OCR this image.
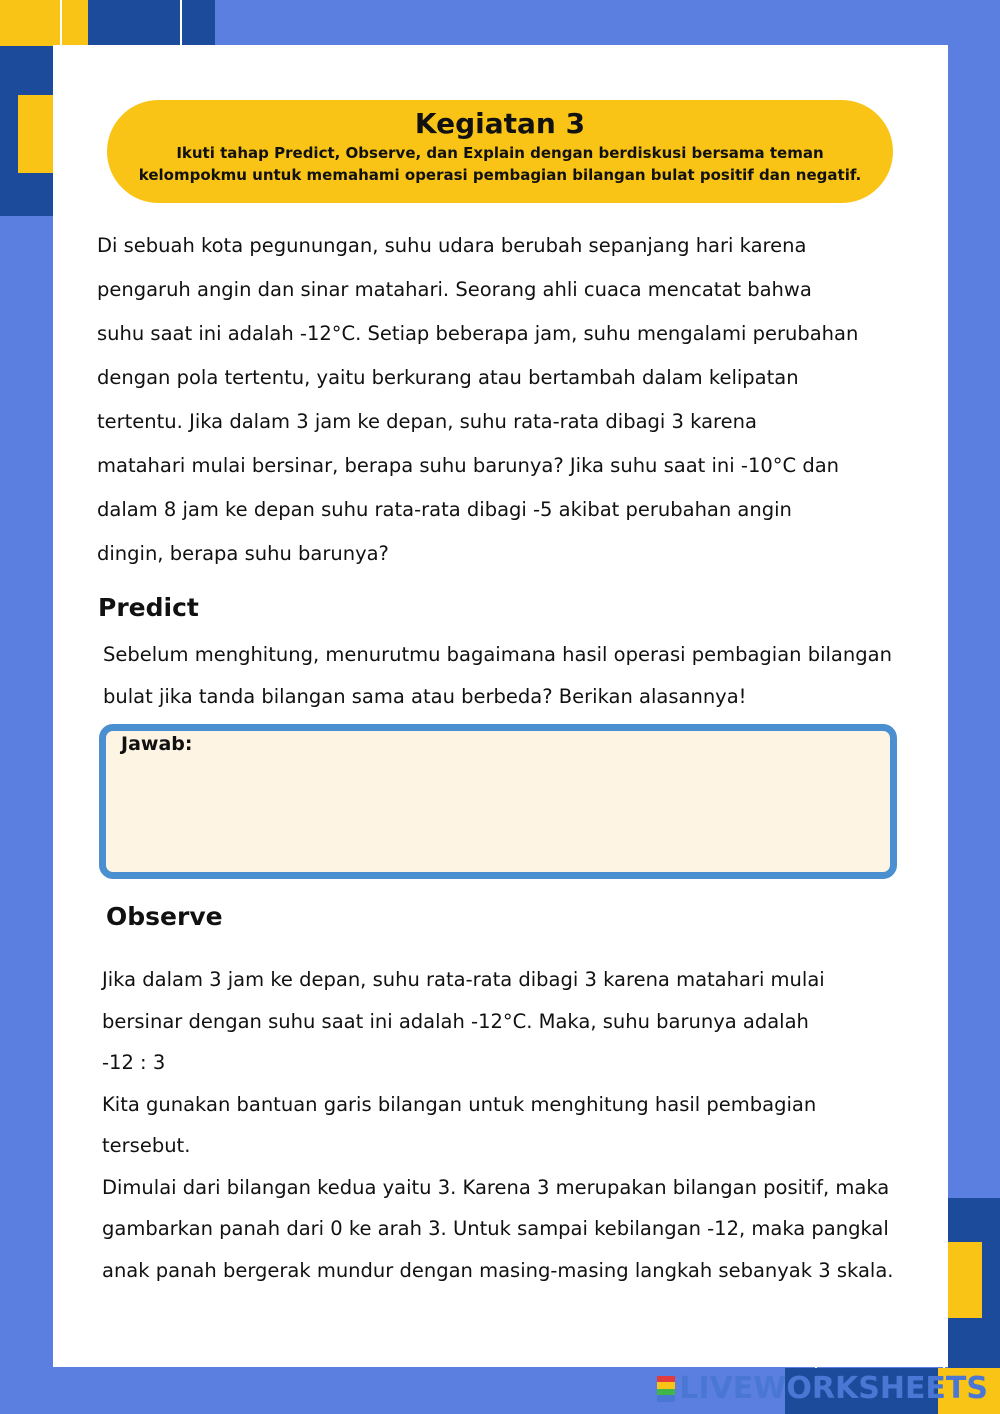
Kegiatan 3
Ikuti tahap Predict, Observe, dan Explain dengan berdiskusi bersama teman
kelompokmu untuk memahami operasi pembagian bilangan bulat positif dan negatif.
Di sebuah kota pegunungan, suhu udara berubah sepanjang hari karena
pengaruh angin dan sinar matahari. Seorang ahli cuaca mencatat bahwa
suhu saat ini adalah -12°C. Setiap beberapa jam, suhu mengalami perubahan
dengan pola tertentu, yaitu berkurang atau bertambah dalam kelipatan
tertentu. Jika dalam 3 jam ke depan, suhu rata-rata dibagi 3 karena
matahari mulai bersinar, berapa suhu barunya? Jika suhu saat ini -10°C dan
dalam 8 jam ke depan suhu rata-rata dibagi -5 akibat perubahan angin
dingin, berapa suhu barunya?
Predict
Sebelum menghitung, menurutmu bagaimana hasil operasi pembagian bilangan
bulat jika tanda bilangan sama atau berbeda? Berikan alasannya!
Jawab:
Observe
Jika dalam 3 jam ke depan, suhu rata-rata dibagi 3 karena matahari mulai
bersinar dengan suhu saat ini adalah -12°C. Maka, suhu barunya adalah
-12 : 3
Kita gunakan bantuan garis bilangan untuk menghitung hasil pembagian
tersebut.
Dimulai dari bilangan kedua yaitu 3. Karena 3 merupakan bilangan positif, maka
gambarkan panah dari 0 ke arah 3. Untuk sampai kebilangan -12, maka pangkal
anak panah bergerak mundur dengan masing-masing langkah sebanyak 3 skala.
LIVEWORKSHEETS
